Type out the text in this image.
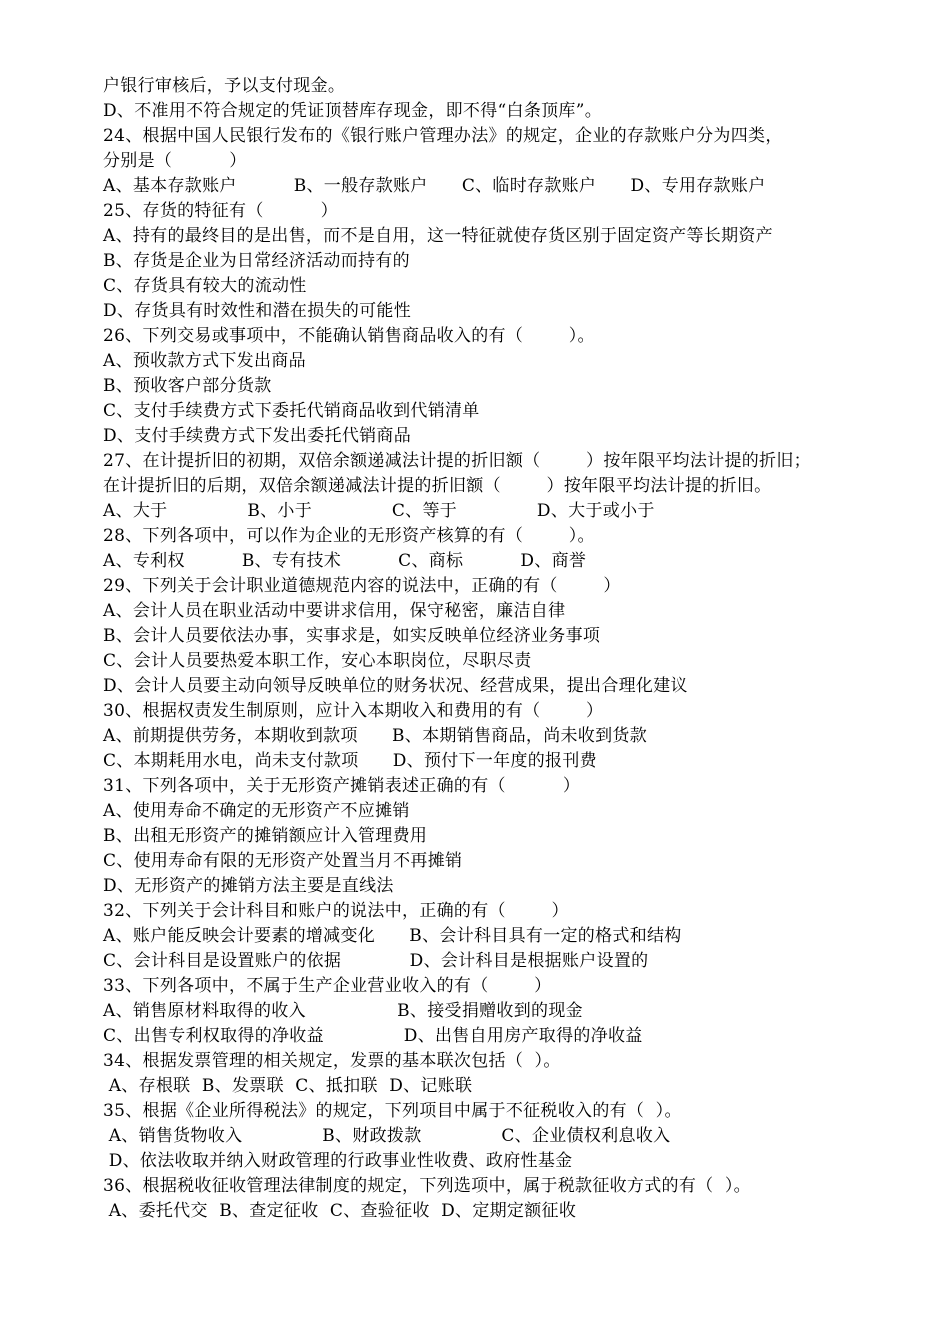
户银行审核后，予以支付现金。
D、不准用不符合规定的凭证顶替库存现金，即不得“白条顶库”。
24、根据中国人民银行发布的《银行账户管理办法》的规定，企业的存款账户分为四类，
分别是（          ）
A、基本存款账户          B、一般存款账户      C、临时存款账户      D、专用存款账户
25、存货的特征有（          ）
A、持有的最终目的是出售，而不是自用，这一特征就使存货区别于固定资产等长期资产
B、存货是企业为日常经济活动而持有的
C、存货具有较大的流动性
D、存货具有时效性和潜在损失的可能性
26、下列交易或事项中，不能确认销售商品收入的有（        ）。
A、预收款方式下发出商品
B、预收客户部分货款
C、支付手续费方式下委托代销商品收到代销清单
D、支付手续费方式下发出委托代销商品
27、在计提折旧的初期，双倍余额递减法计提的折旧额（        ）按年限平均法计提的折旧；
在计提折旧的后期，双倍余额递减法计提的折旧额（        ）按年限平均法计提的折旧。
A、大于              B、小于              C、等于              D、大于或小于
28、下列各项中，可以作为企业的无形资产核算的有（        ）。
A、专利权          B、专有技术          C、商标          D、商誉
29、下列关于会计职业道德规范内容的说法中，正确的有（        ）
A、会计人员在职业活动中要讲求信用，保守秘密，廉洁自律
B、会计人员要依法办事，实事求是，如实反映单位经济业务事项
C、会计人员要热爱本职工作，安心本职岗位，尽职尽责
D、会计人员要主动向领导反映单位的财务状况、经营成果，提出合理化建议
30、根据权责发生制原则，应计入本期收入和费用的有（        ）
A、前期提供劳务，本期收到款项      B、本期销售商品，尚未收到货款
C、本期耗用水电，尚未支付款项      D、预付下一年度的报刊费
31、下列各项中，关于无形资产摊销表述正确的有（          ）
A、使用寿命不确定的无形资产不应摊销
B、出租无形资产的摊销额应计入管理费用
C、使用寿命有限的无形资产处置当月不再摊销
D、无形资产的摊销方法主要是直线法
32、下列关于会计科目和账户的说法中，正确的有（        ）
A、账户能反映会计要素的增减变化      B、会计科目具有一定的格式和结构
C、会计科目是设置账户的依据            D、会计科目是根据账户设置的
33、下列各项中，不属于生产企业营业收入的有（        ）
A、销售原材料取得的收入                B、接受捐赠收到的现金
C、出售专利权取得的净收益              D、出售自用房产取得的净收益
34、根据发票管理的相关规定，发票的基本联次包括（  ）。
A、存根联  B、发票联  C、抵扣联  D、记账联
35、根据《企业所得税法》的规定，下列项目中属于不征税收入的有（  ）。
A、销售货物收入              B、财政拨款              C、企业债权利息收入
D、依法收取并纳入财政管理的行政事业性收费、政府性基金
36、根据税收征收管理法律制度的规定，下列选项中，属于税款征收方式的有（  ）。
A、委托代交  B、查定征收  C、查验征收  D、定期定额征收
